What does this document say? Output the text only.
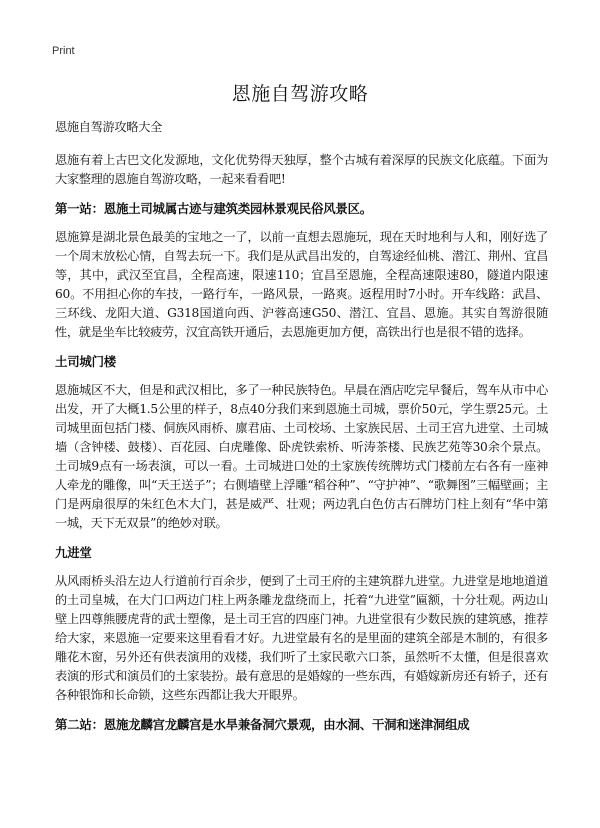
Print
恩施自驾游攻略

恩施自驾游攻略大全

恩施有着上古巴文化发源地，文化优势得天独厚，整个古城有着深厚的民族文化底蕴。下面为大家整理的恩施自驾游攻略，一起来看看吧!

第一站：恩施土司城属古迹与建筑类园林景观民俗风景区。

恩施算是湖北景色最美的宝地之一了，以前一直想去恩施玩，现在天时地利与人和，刚好选了一个周末放松心情，自驾去玩一下。我们是从武昌出发的，自驾途经仙桃、潜江、荆州、宜昌等，其中，武汉至宜昌，全程高速，限速110；宜昌至恩施，全程高速限速80，隧道内限速60。不用担心你的车技，一路行车，一路风景，一路爽。返程用时7小时。开车线路：武昌、三环线、龙阳大道、G318国道向西、沪蓉高速G50、潜江、宜昌、恩施。其实自驾游很随性，就是坐车比较疲劳，汉宜高铁开通后，去恩施更加方便，高铁出行也是很不错的选择。

土司城门楼

恩施城区不大，但是和武汉相比，多了一种民族特色。早晨在酒店吃完早餐后，驾车从市中心出发，开了大概1.5公里的样子，8点40分我们来到恩施土司城，票价50元，学生票25元。土司城里面包括门楼、侗族风雨桥、廪君庙、土司校场、土家族民居、土司王宫九进堂、土司城墙（含钟楼、鼓楼）、百花园、白虎雕像、卧虎铁索桥、听涛茶楼、民族艺苑等30余个景点。土司城9点有一场表演，可以一看。土司城进口处的土家族传统牌坊式门楼前左右各有一座神人牵龙的雕像，叫“天王送子”；右侧墙壁上浮雕“稻谷种”、“守护神”、“歌舞图”三幅壁画；主门是两扇很厚的朱红色木大门，甚是威严、壮观；两边乳白色仿古石牌坊门柱上刻有“华中第一城，天下无双景”的绝妙对联。

九进堂

从风雨桥头沿左边人行道前行百余步，便到了土司王府的主建筑群九进堂。九进堂是地地道道的土司皇城，在大门口两边门柱上两条雕龙盘绕而上，托着“九进堂”匾额，十分壮观。两边山壁上四尊熊腰虎背的武士塑像，是土司王宫的四座门神。九进堂很有少数民族的建筑感，推荐给大家，来恩施一定要来这里看看才好。九进堂最有名的是里面的建筑全部是木制的，有很多雕花木窗，另外还有供表演用的戏楼，我们听了土家民歌六口茶，虽然听不太懂，但是很喜欢表演的形式和演员们的土家装扮。最有意思的是婚嫁的一些东西，有婚嫁新房还有轿子，还有各种银饰和长命锁，这些东西都让我大开眼界。

第二站：恩施龙麟宫龙麟宫是水旱兼备洞穴景观，由水洞、干洞和迷津洞组成
